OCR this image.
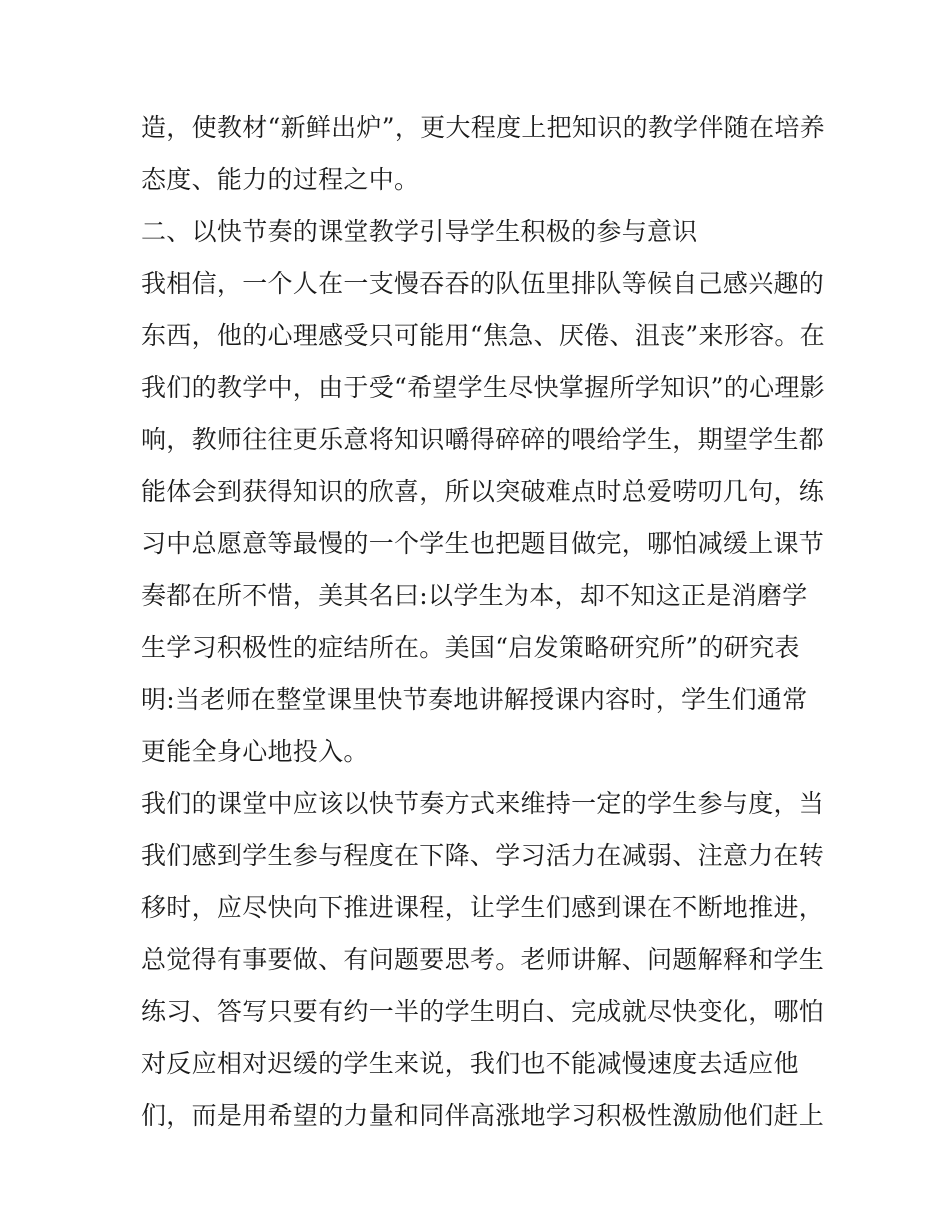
造，使教材“新鲜出炉”，更大程度上把知识的教学伴随在培养
态度、能力的过程之中。
二、以快节奏的课堂教学引导学生积极的参与意识
我相信，一个人在一支慢吞吞的队伍里排队等候自己感兴趣的
东西，他的心理感受只可能用“焦急、厌倦、沮丧”来形容。在
我们的教学中，由于受“希望学生尽快掌握所学知识”的心理影
响，教师往往更乐意将知识嚼得碎碎的喂给学生，期望学生都
能体会到获得知识的欣喜，所以突破难点时总爱唠叨几句，练
习中总愿意等最慢的一个学生也把题目做完，哪怕减缓上课节
奏都在所不惜，美其名曰:以学生为本，却不知这正是消磨学
生学习积极性的症结所在。美国“启发策略研究所”的研究表
明:当老师在整堂课里快节奏地讲解授课内容时，学生们通常
更能全身心地投入。
我们的课堂中应该以快节奏方式来维持一定的学生参与度，当
我们感到学生参与程度在下降、学习活力在减弱、注意力在转
移时，应尽快向下推进课程，让学生们感到课在不断地推进，
总觉得有事要做、有问题要思考。老师讲解、问题解释和学生
练习、答写只要有约一半的学生明白、完成就尽快变化，哪怕
对反应相对迟缓的学生来说，我们也不能减慢速度去适应他
们，而是用希望的力量和同伴高涨地学习积极性激励他们赶上
